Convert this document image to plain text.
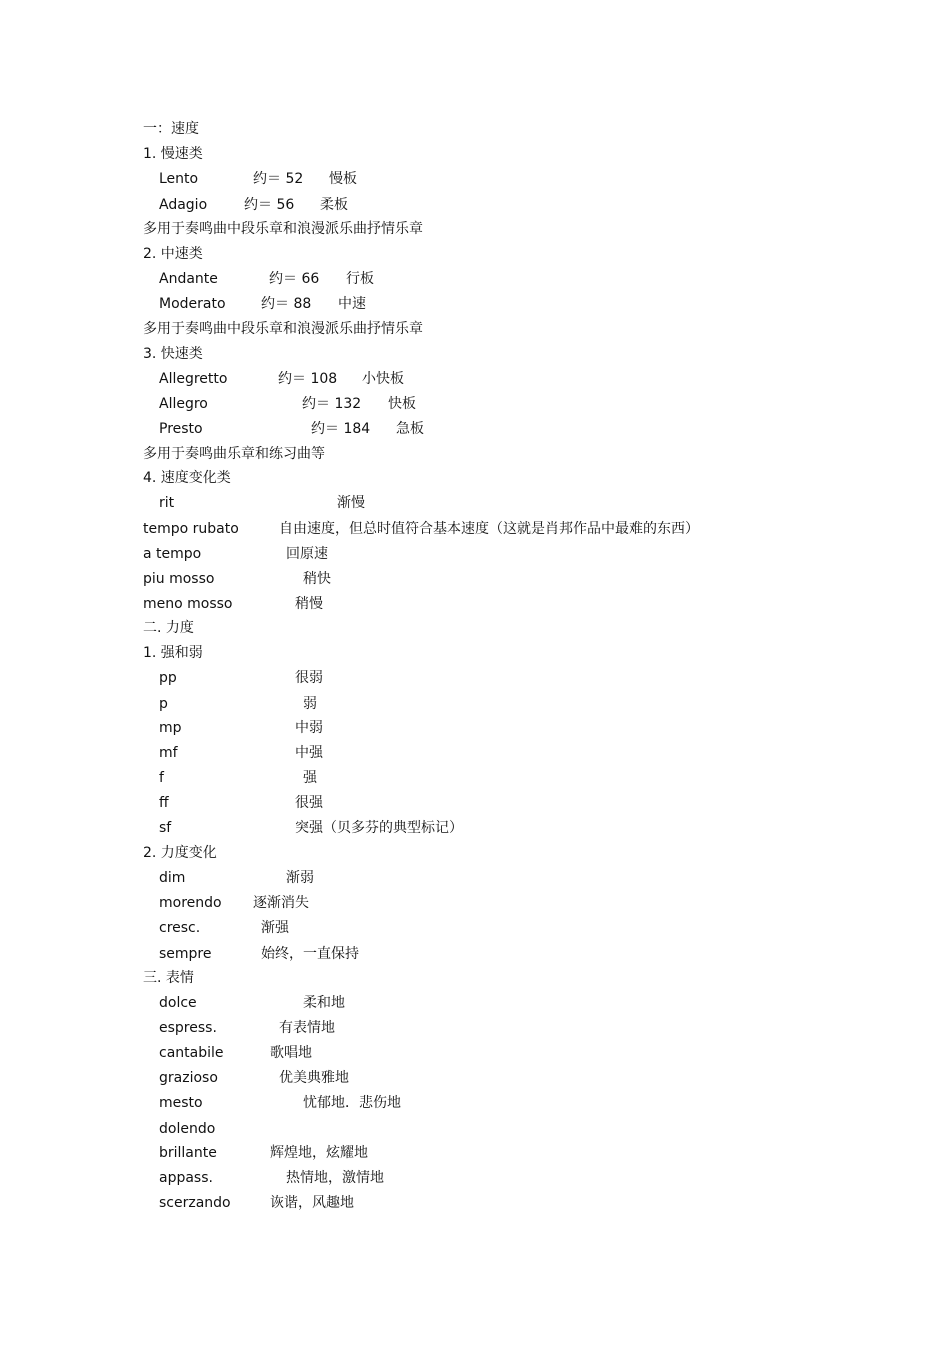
一：速度
1. 慢速类
Lento	约＝ 52 慢板
Adagio	约＝ 56 柔板
多用于奏鸣曲中段乐章和浪漫派乐曲抒情乐章
2. 中速类
Andante	约＝ 66 行板
Moderato	约＝ 88 中速
多用于奏鸣曲中段乐章和浪漫派乐曲抒情乐章
3. 快速类
Allegretto	约＝ 108 小快板
Allegro	约＝ 132 快板
Presto	约＝ 184 急板
多用于奏鸣曲乐章和练习曲等
4. 速度变化类
rit	渐慢
tempo rubato	自由速度，但总时值符合基本速度（这就是肖邦作品中最难的东西）
a tempo	回原速
piu mosso	稍快
meno mosso	稍慢
二. 力度
1. 强和弱
pp	很弱
p	弱
mp	中弱
mf	中强
f	强
ff	很强
sf	突强（贝多芬的典型标记）
2. 力度变化
dim	渐弱
morendo 逐渐消失
cresc.	渐强
sempre	始终，一直保持
三. 表情
dolce	柔和地
espress.	有表情地
cantabile	歌唱地
grazioso	优美典雅地
mesto	忧郁地．悲伤地
dolendo
brillante	辉煌地，炫耀地
appass.	热情地，激情地
scerzando	诙谐，风趣地
